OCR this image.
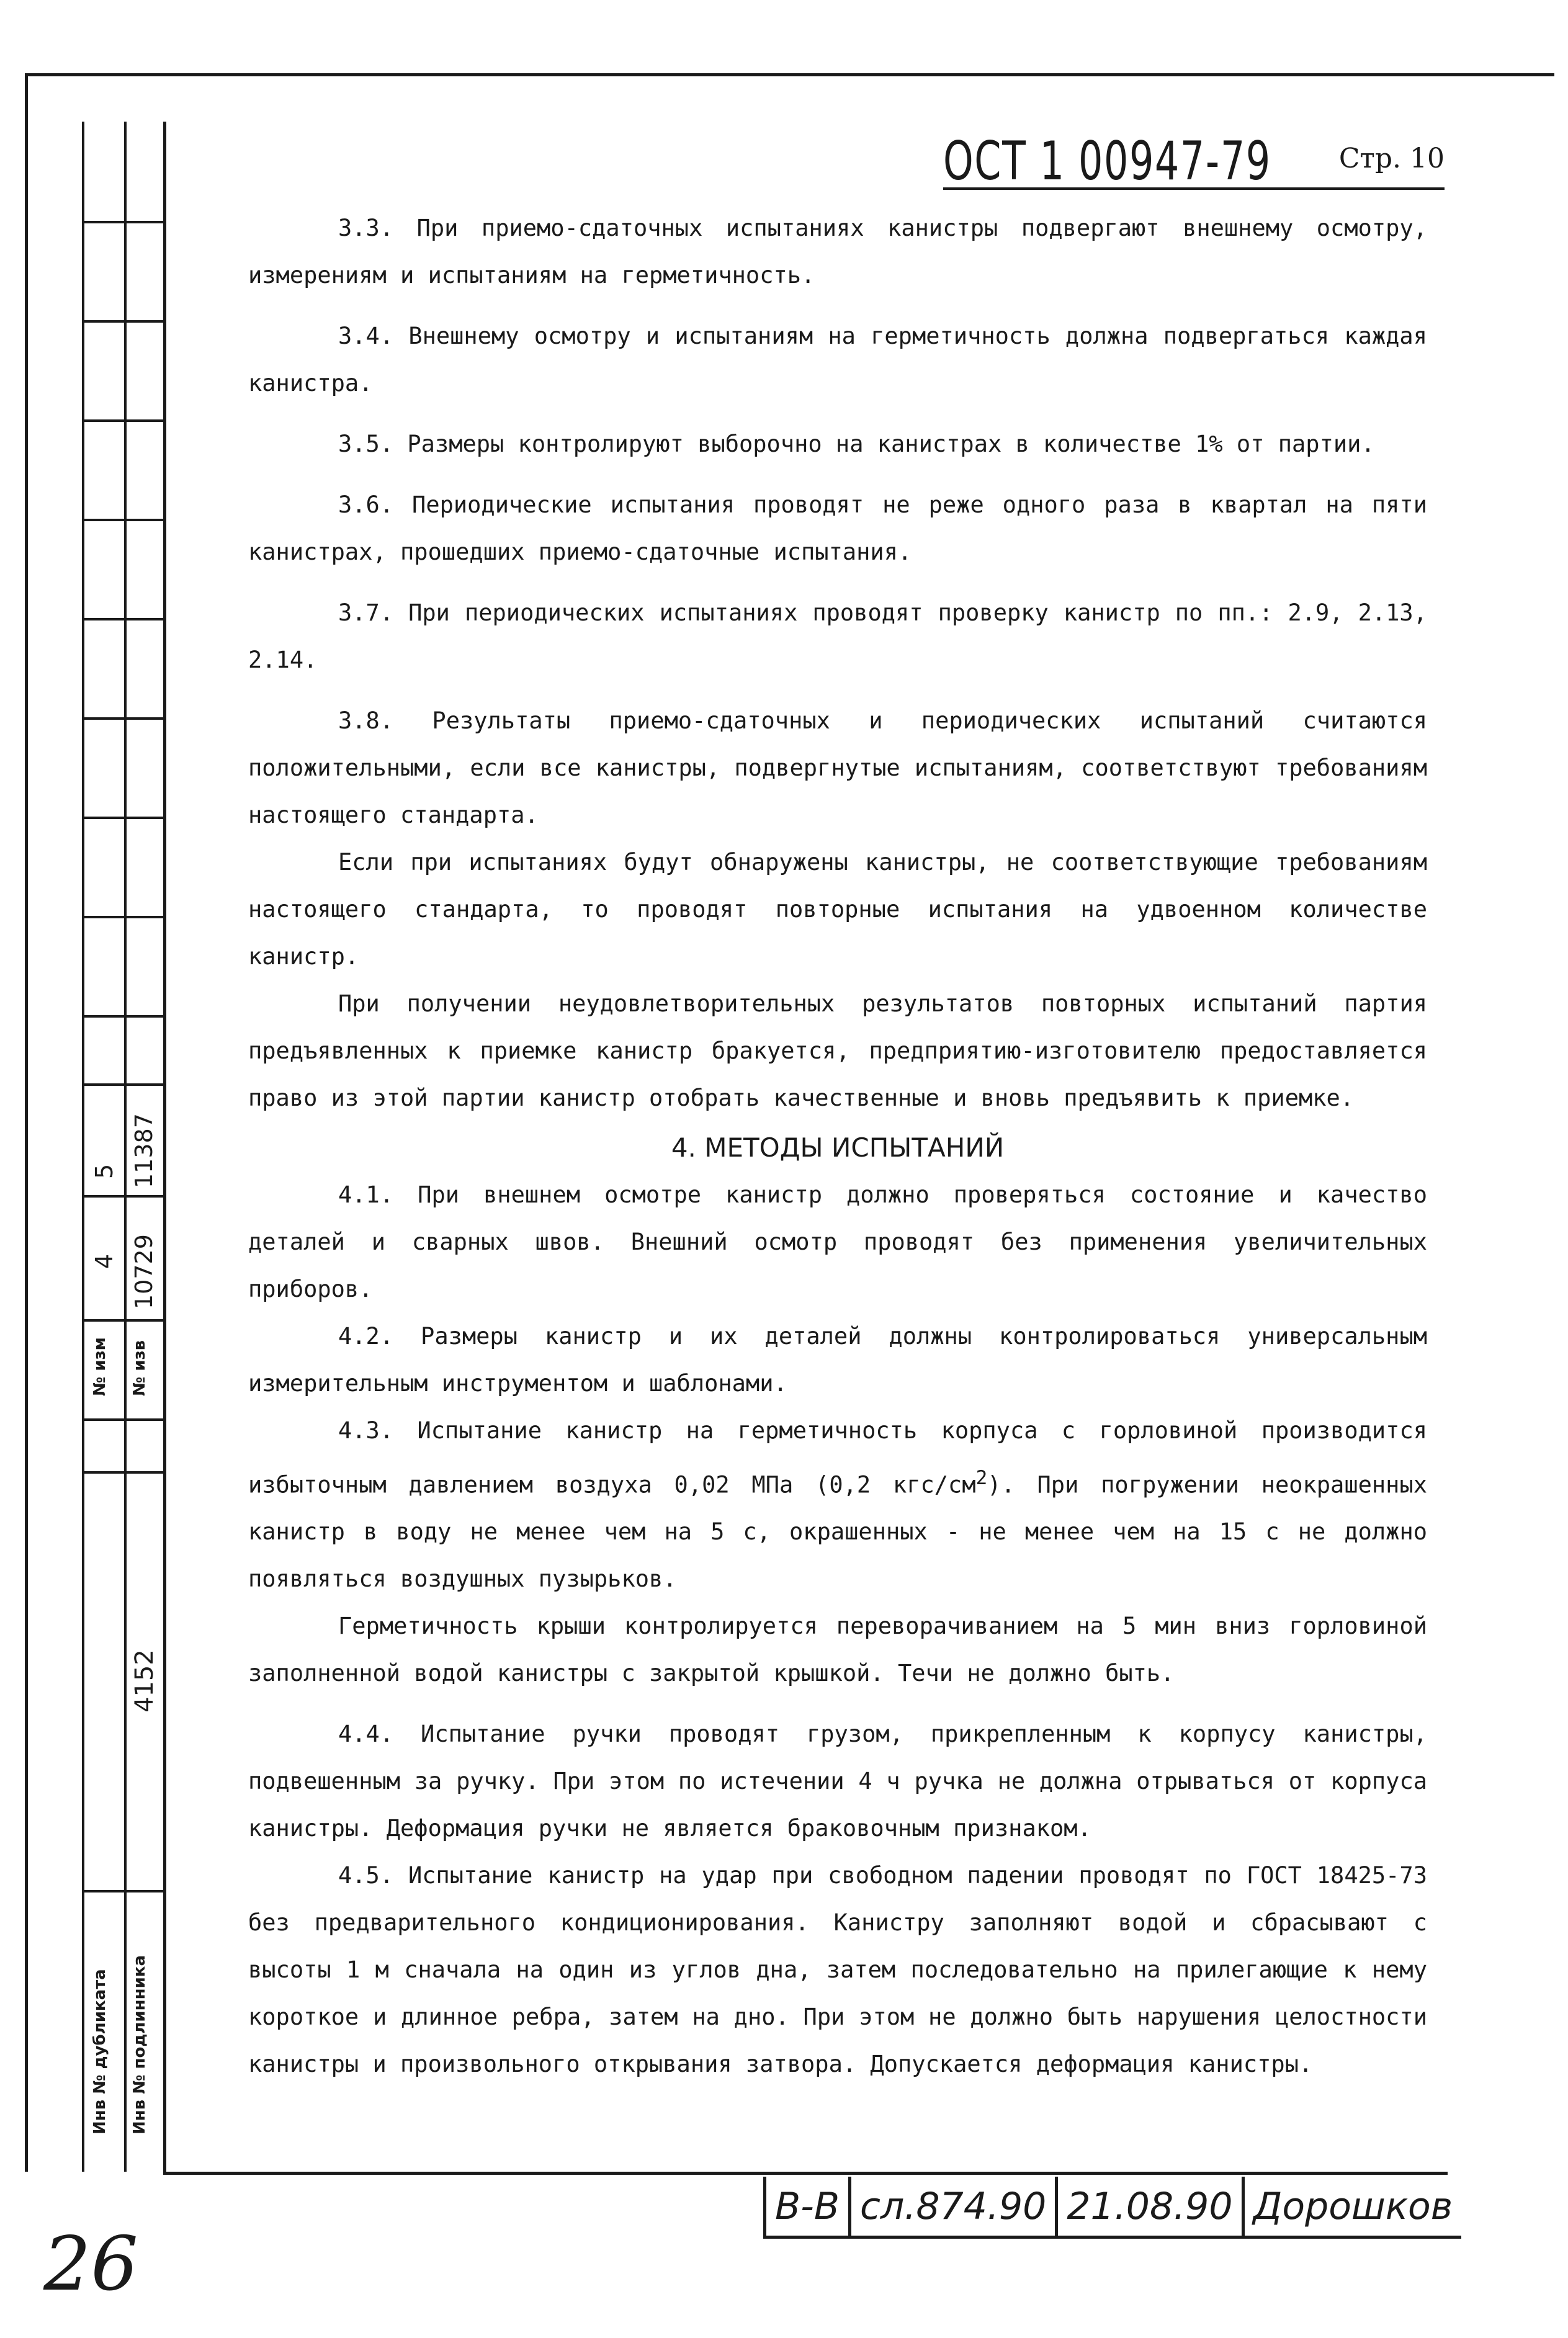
5 11387
4 10729
№ изм № изв
4152
Инв № дубликата Инв № подлинника
ОСТ 1 00947-79 Стр. 10

3.3. При приемо-сдаточных испытаниях канистры подвергают внешнему осмотру, измерениям и испытаниям на герметичность.

3.4. Внешнему осмотру и испытаниям на герметичность должна подвергаться каждая канистра.

3.5. Размеры контролируют выборочно на канистрах в количестве 1% от партии.

3.6. Периодические испытания проводят не реже одного раза в квартал на пяти канистрах, прошедших приемо-сдаточные испытания.

3.7. При периодических испытаниях проводят проверку канистр по пп.: 2.9, 2.13, 2.14.

3.8. Результаты приемо-сдаточных и периодических испытаний считаются положительными, если все канистры, подвергнутые испытаниям, соответствуют требованиям настоящего стандарта.

Если при испытаниях будут обнаружены канистры, не соответствующие требованиям настоящего стандарта, то проводят повторные испытания на удвоенном количестве канистр.

При получении неудовлетворительных результатов повторных испытаний партия предъявленных к приемке канистр бракуется, предприятию-изготовителю предоставляется право из этой партии канистр отобрать качественные и вновь предъявить к приемке.

4. МЕТОДЫ ИСПЫТАНИЙ

4.1. При внешнем осмотре канистр должно проверяться состояние и качество деталей и сварных швов. Внешний осмотр проводят без применения увеличительных приборов.

4.2. Размеры канистр и их деталей должны контролироваться универсальным измерительным инструментом и шаблонами.

4.3. Испытание канистр на герметичность корпуса с горловиной производится избыточным давлением воздуха 0,02 МПа (0,2 кгс/$см^2$). При погружении неокрашенных канистр в воду не менее чем на 5 с, окрашенных - не менее чем на 15 с не должно появляться воздушных пузырьков.

Герметичность крыши контролируется переворачиванием на 5 мин вниз горловиной заполненной водой канистры с закрытой крышкой. Течи не должно быть.

4.4. Испытание ручки проводят грузом, прикрепленным к корпусу канистры, подвешенным за ручку. При этом по истечении 4 ч ручка не должна отрываться от корпуса канистры. Деформация ручки не является браковочным признаком.

4.5. Испытание канистр на удар при свободном падении проводят по ГОСТ 18425-73 без предварительного кондиционирования. Канистру заполняют водой и сбрасывают с высоты 1 м сначала на один из углов дна, затем последовательно на прилегающие к нему короткое и длинное ребра, затем на дно. При этом не должно быть нарушения целостности канистры и произвольного открывания затвора. Допускается деформация канистры.

В-В сл.874.90 21.08.90 Дорошков
26
